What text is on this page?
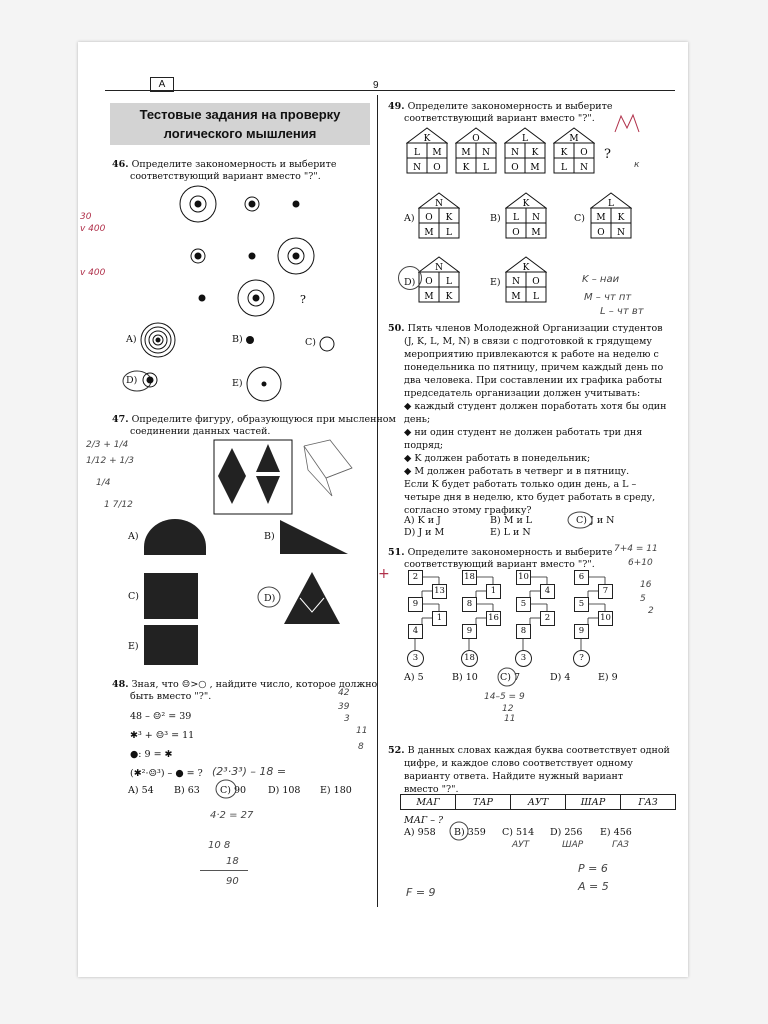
A	9
Тестовые задания на проверку
логического мышления
46. Определите закономерность и выберите
соответствующий вариант вместо "?".
?
A)	B)	C)
D)	E)
47. Определите фигуру, образующуюся при мысленном
соединении данных частей.
A)	B)
C)	D)
E)
48. Зная, что ☺>○ , найдите число, которое должно
быть вместо "?".
48 – ☺² = 39
✱³ + ☺³ = 11
●: 9 = ✱
(✱²·☺³) – ● = ?
A) 54 B) 63 C) 90 D) 108 E) 180
49. Определите закономерность и выберите
соответствующий вариант вместо "?".
K
L M
N O
O
M N
K L
L
N K
O M
M
K O
L N
?
A)
N
O K
M L
B)
K
L N
O M
C)
L
M K
O N
D)
N
O L
M K
E)
K
N O
M L
50. Пять членов Молодежной Организации студентов
(J, K, L, M, N) в связи с подготовкой к грядущему
мероприятию привлекаются к работе на неделю с
понедельника по пятницу, причем каждый день по
два человека. При составлении их графика работы
председатель организации должен учитывать:
◆ каждый студент должен поработать хотя бы один
день;
◆ ни один студент не должен работать три дня
подряд;
◆ K должен работать в понедельник;
◆ M должен работать в четверг и в пятницу.
Если K будет работать только один день, а L –
четыре дня в неделю, кто будет работать в среду,
согласно этому графику?
A) K и J	B) M и L	C) J и N
D) J и M	E) L и N
51. Определите закономерность и выберите
соответствующий вариант вместо "?".
2
13
9
1
4
3
18
1
8
16
9
18
10
4
5
2
8
3
6
7
5
10
9
?
A) 5	B) 10 C) 7	D) 4	E) 9
52. В данных словах каждая буква соответствует одной
цифре, и каждое слово соответствует одному
варианту ответа. Найдите нужный вариант
вместо "?".
МАГ	ТАР	АУТ	ШАР	ГАЗ
МАГ – ?
A) 958 B) 359 C) 514 D) 256 E) 456
30
v 400
v 400
2/3 + 1/4
1/12 + 1/3
1/4
1 7/12
(2³·3³) – 18 =
4·2 = 27
10 8
18
90
42
39
3
11
8
к
K – наи
M – чт пт
L – чт вт
+
7+4 = 11
6+10
16
5
2
14–5 = 9
12
11
АУТ	ШАР	ГАЗ
P = 6
A = 5
F = 9
